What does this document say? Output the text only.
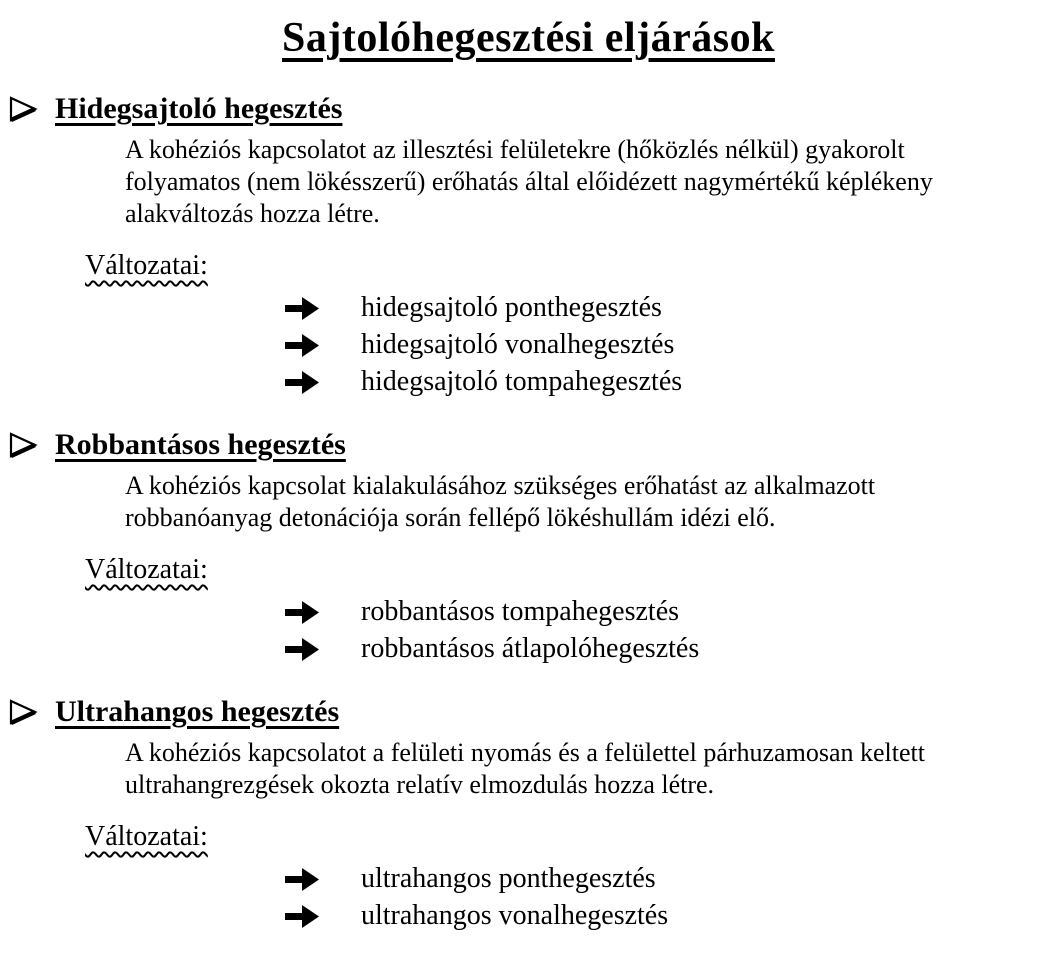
Sajtolóhegesztési eljárások
Hidegsajtoló hegesztés

A kohéziós kapcsolatot az illesztési felületekre (hőközlés nélkül) gyakorolt folyamatos (nem lökésszerű) erőhatás által előidézett nagymértékű képlékeny alakváltozás hozza létre.

Változatai:
hidegsajtoló ponthegesztés
hidegsajtoló vonalhegesztés
hidegsajtoló tompahegesztés
Robbantásos hegesztés

A kohéziós kapcsolat kialakulásához szükséges erőhatást az alkalmazott robbanóanyag detonációja során fellépő lökéshullám idézi elő.

Változatai:
robbantásos tompahegesztés
robbantásos átlapolóhegesztés
Ultrahangos hegesztés

A kohéziós kapcsolatot a felületi nyomás és a felülettel párhuzamosan keltett ultrahangrezgések okozta relatív elmozdulás hozza létre.

Változatai:
ultrahangos ponthegesztés
ultrahangos vonalhegesztés
